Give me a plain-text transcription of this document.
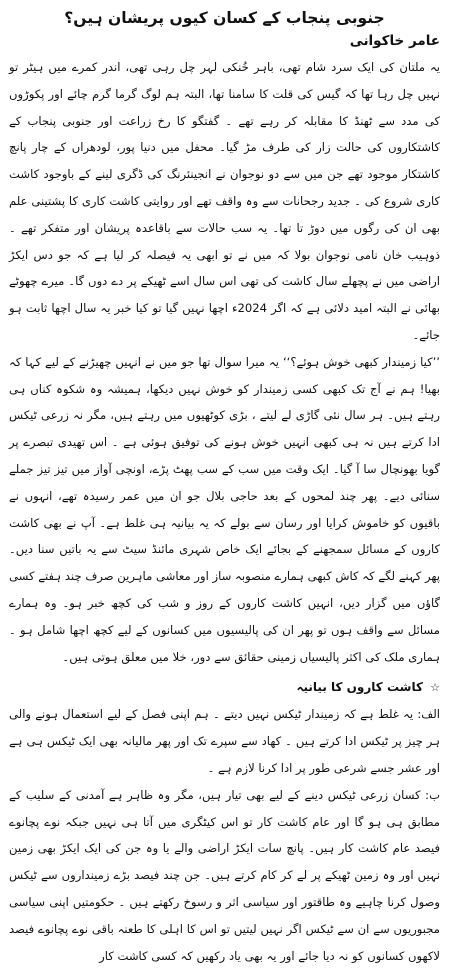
جنوبی پنجاب کے کسان کیوں پریشان ہیں؟
عامر خاکوانی

یہ ملتان کی ایک سرد شام تھی، باہر خُنکی لہر چل رہی تھی، اندر کمرے میں ہیٹر تو نہیں چل رہا تھا کہ گیس کی قلت کا سامنا تھا، البتہ ہم لوگ گرما گرم چائے اور پکوڑوں کی مدد سے ٹھنڈ کا مقابلہ کر رہے تھے ۔ گفتگو کا رخ زراعت اور جنوبی پنجاب کے کاشتکاروں کی حالت زار کی طرف مڑ گیا۔ محفل میں دنیا پور، لودھراں کے چار پانچ کاشتکار موجود تھے جن میں سے دو نوجوان نے انجینئرنگ کی ڈگری لینے کے باوجود کاشت کاری شروع کی ۔ جدید رجحانات سے وہ واقف تھے اور روایتی کاشت کاری کا پشتینی علم بھی ان کی رگوں میں دوڑ تا تھا۔ یہ سب حالات سے باقاعدہ پریشان اور متفکر تھے ۔ ذوہیب خان نامی نوجوان بولا کہ میں نے تو ابھی یہ فیصلہ کر لیا ہے کہ جو دس ایکڑ اراضی میں نے پچھلے سال کاشت کی تھی اس سال اسے ٹھیکے پر دے دوں گا۔ میرے چھوٹے بھائی نے البتہ امید دلائی ہے کہ اگر 2024ء اچھا نہیں گیا تو کیا خبر یہ سال اچھا ثابت ہو جائے۔

’’کیا زمیندار کبھی خوش ہوئے؟‘‘ یہ میرا سوال تھا جو میں نے انہیں چھیڑنے کے لیے کہا کہ بھیا! ہم نے آج تک کبھی کسی زمیندار کو خوش نہیں دیکھا، ہمیشہ وہ شکوہ کناں ہی رہتے ہیں۔ ہر سال نئی گاڑی لے لیتے ، بڑی کوٹھیوں میں رہتے ہیں، مگر نہ زرعی ٹیکس ادا کرتے ہیں نہ ہی کبھی انہیں خوش ہونے کی توفیق ہوئی ہے ۔ اس تھیدی تبصرے پر گویا بھونچال سا آ گیا۔ ایک وقت میں سب کے سب پھٹ پڑے، اونچی آواز میں تیز تیز جملے سنائی دیے۔ پھر چند لمحوں کے بعد حاجی بلال جو ان میں عمر رسیدہ تھے، انہوں نے باقیوں کو خاموش کرایا اور رسان سے بولے کہ یہ بیانیہ ہی غلط ہے۔ آپ نے بھی کاشت کاروں کے مسائل سمجھنے کے بجائے ایک خاص شہری مائنڈ سیٹ سے یہ باتیں سنا دیں۔ پھر کہنے لگے کہ کاش کبھی ہمارے منصوبہ ساز اور معاشی ماہرین صرف چند ہفتے کسی گاؤں میں گزار دیں، انہیں کاشت کاروں کے روز و شب کی کچھ خبر ہو۔ وہ ہمارے مسائل سے واقف ہوں تو پھر ان کی پالیسیوں میں کسانوں کے لیے کچھ اچھا شامل ہو ۔ ہماری ملک کی اکثر پالیسیاں زمینی حقائق سے دور، خلا میں معلق ہوتی ہیں۔

☆ کاشت کاروں کا بیانیہ

الف: یہ غلط ہے کہ زمیندار ٹیکس نہیں دیتے ۔ ہم اپنی فصل کے لیے استعمال ہونے والی ہر چیز پر ٹیکس ادا کرتے ہیں ۔ کھاد سے سپرے تک اور پھر مالیانہ بھی ایک ٹیکس ہی ہے اور عشر جسے شرعی طور پر ادا کرنا لازم ہے ۔

ب: کسان زرعی ٹیکس دینے کے لیے بھی تیار ہیں، مگر وہ ظاہر ہے آمدنی کے سلیب کے مطابق ہی ہو گا اور عام کاشت کار تو اس کیٹگری میں آتا ہی نہیں جبکہ نوے پچانوے فیصد عام کاشت کار ہیں۔ پانچ سات ایکڑ اراضی والے یا وہ جن کی ایک ایکڑ بھی زمین نہیں اور وہ زمین ٹھیکے پر لے کر کام کرتے ہیں۔ جن چند فیصد بڑے زمینداروں سے ٹیکس وصول کرنا چاہیے وہ طاقتور اور سیاسی اثر و رسوخ رکھتے ہیں ۔ حکومتیں اپنی سیاسی مجبوریوں سے ان سے ٹیکس اگر نہیں لیتیں تو اس کا اہلی کا طعنہ باقی نوے پچانوے فیصد لاکھوں کسانوں کو نہ دیا جائے اور یہ بھی یاد رکھیں کہ کسی کاشت کار
